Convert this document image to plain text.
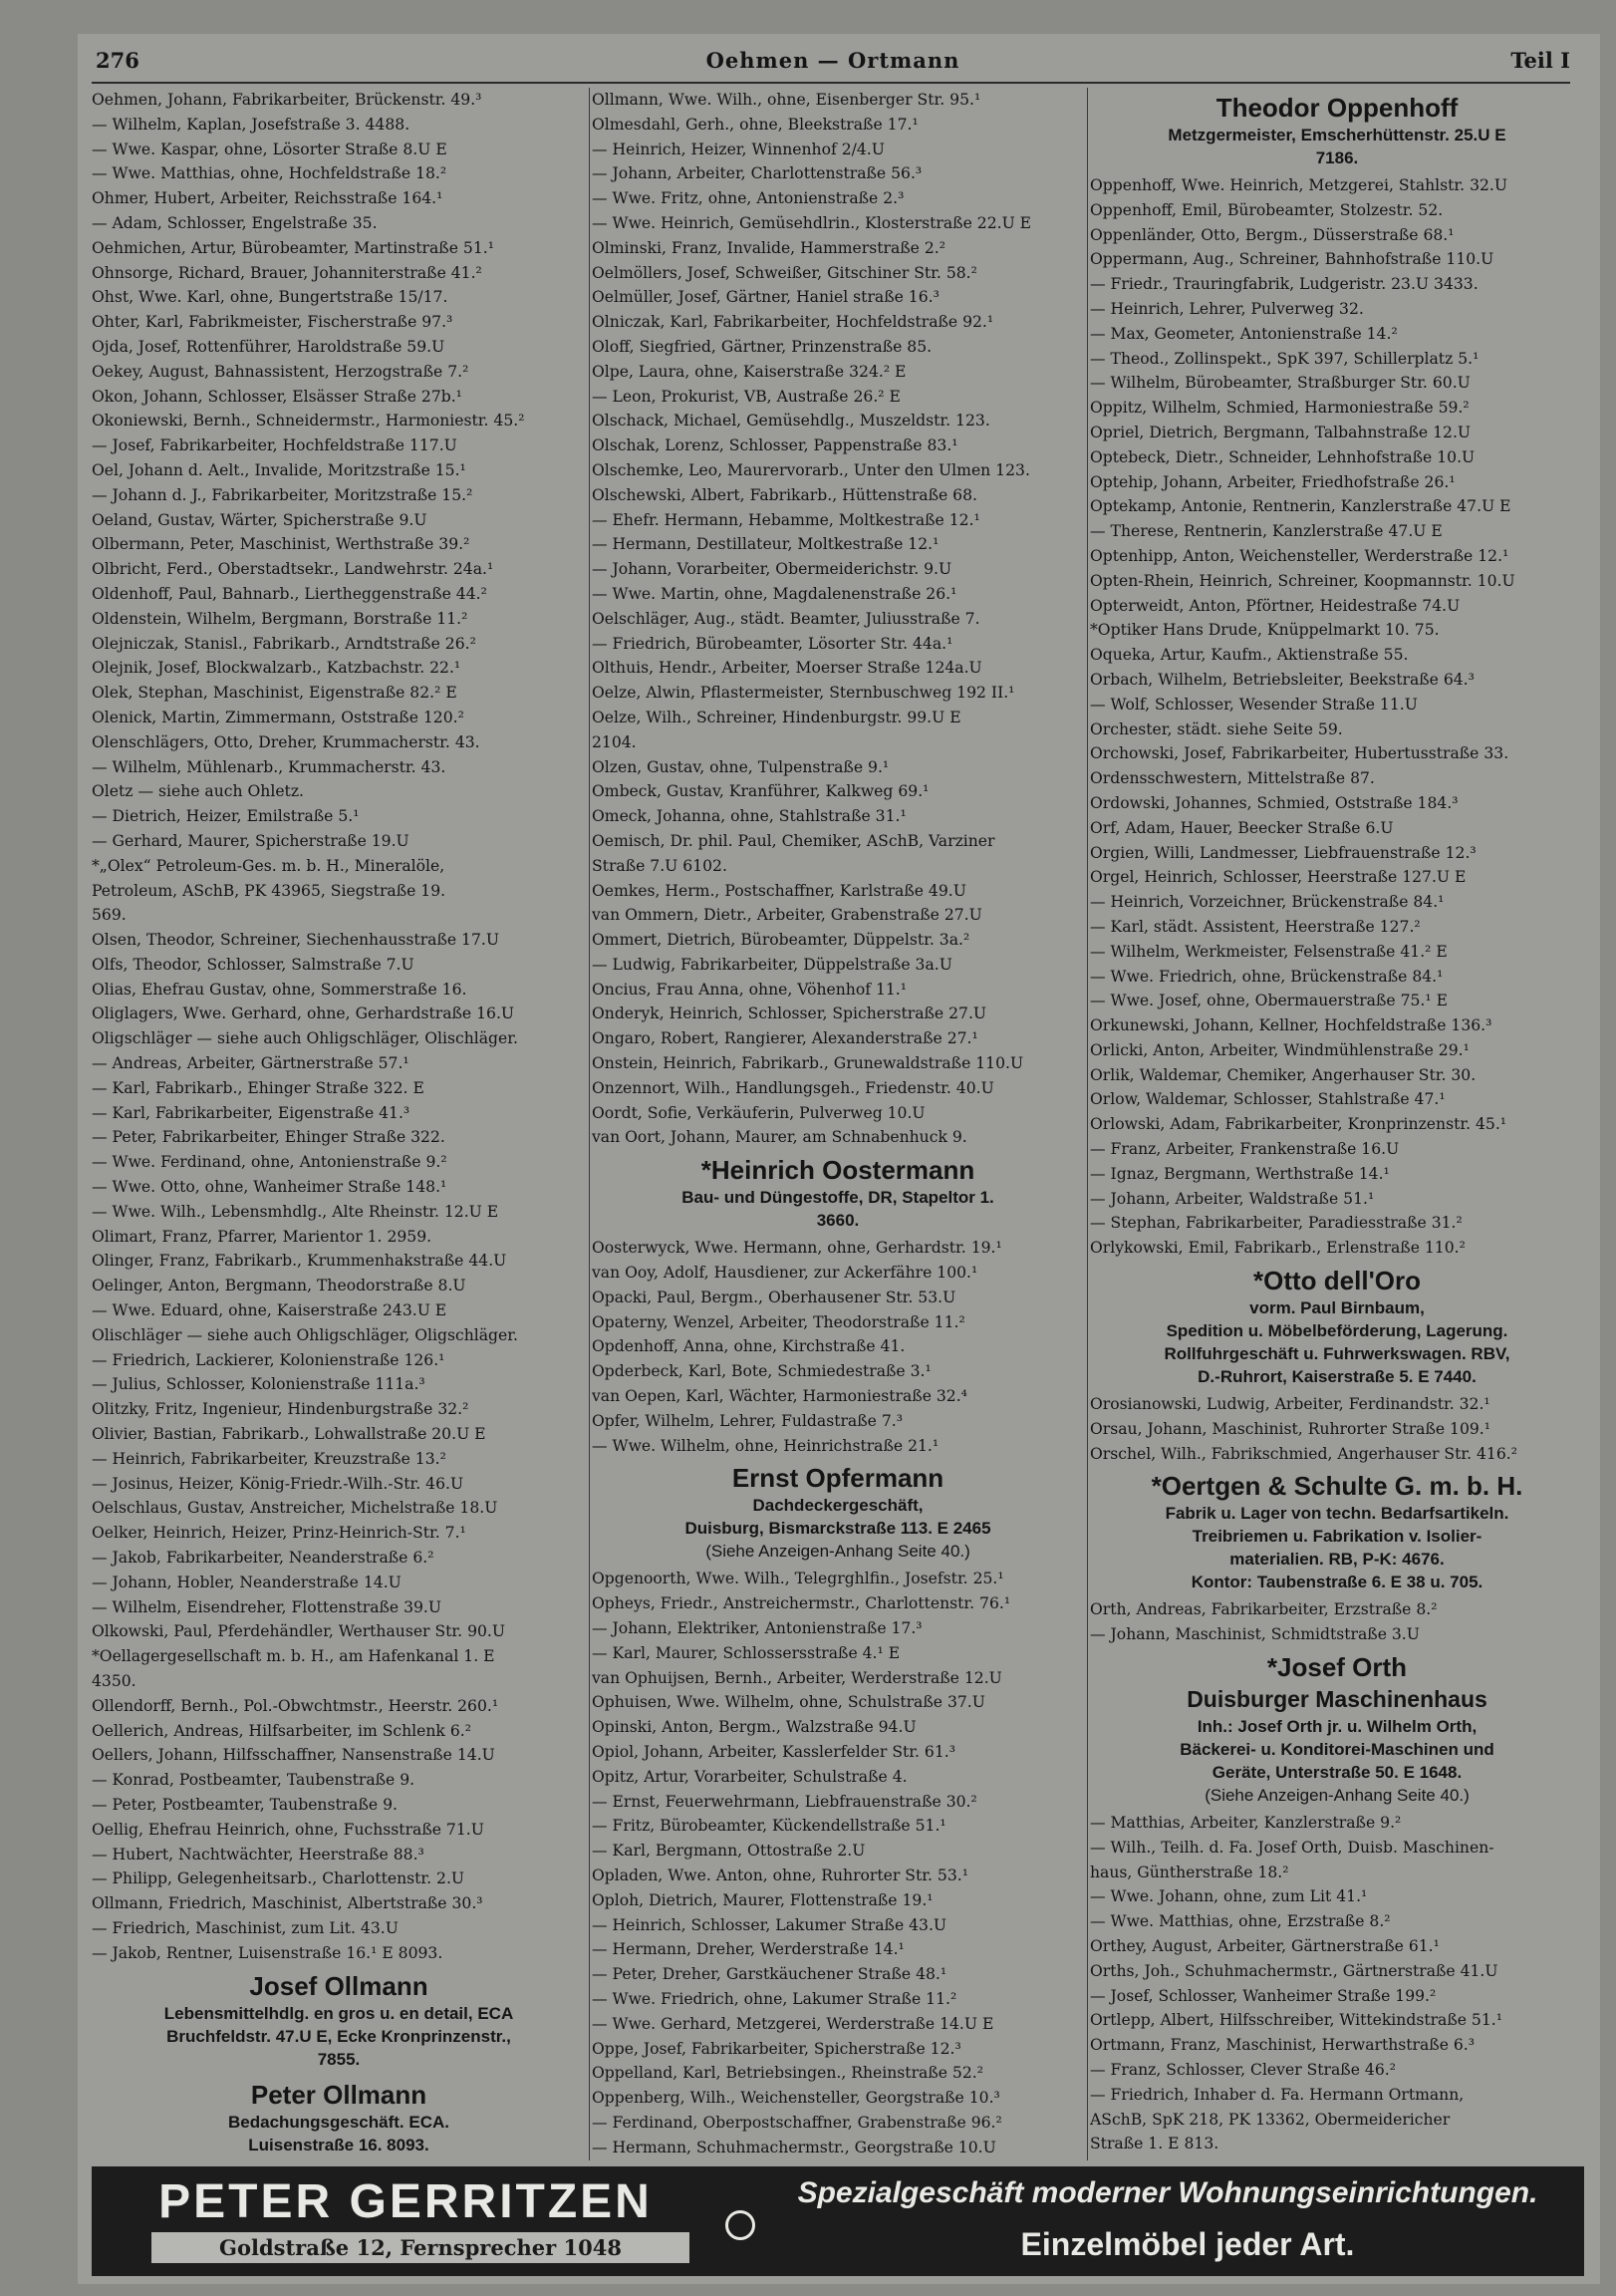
276	Oehmen — Ortmann	Teil I
Oehmen, Johann, Fabrikarbeiter, Brückenstr. 49.³
— Wilhelm, Kaplan, Josefstraße 3. 4488.
— Wwe. Kaspar, ohne, Lösorter Straße 8.U E
— Wwe. Matthias, ohne, Hochfeldstraße 18.²
Ohmer, Hubert, Arbeiter, Reichsstraße 164.¹
— Adam, Schlosser, Engelstraße 35.
Oehmichen, Artur, Bürobeamter, Martinstraße 51.¹
Ohnsorge, Richard, Brauer, Johanniterstraße 41.²
Ohst, Wwe. Karl, ohne, Bungertstraße 15/17.
Ohter, Karl, Fabrikmeister, Fischerstraße 97.³
Ojda, Josef, Rottenführer, Haroldstraße 59.U
Oekey, August, Bahnassistent, Herzogstraße 7.²
Okon, Johann, Schlosser, Elsässer Straße 27b.¹
Okoniewski, Bernh., Schneidermstr., Harmoniestr. 45.²
— Josef, Fabrikarbeiter, Hochfeldstraße 117.U
Oel, Johann d. Aelt., Invalide, Moritzstraße 15.¹
— Johann d. J., Fabrikarbeiter, Moritzstraße 15.²
Oeland, Gustav, Wärter, Spicherstraße 9.U
Olbermann, Peter, Maschinist, Werthstraße 39.²
Olbricht, Ferd., Oberstadtsekr., Landwehrstr. 24a.¹
Oldenhoff, Paul, Bahnarb., Liertheggenstraße 44.²
Oldenstein, Wilhelm, Bergmann, Borstraße 11.²
Olejniczak, Stanisl., Fabrikarb., Arndtstraße 26.²
Olejnik, Josef, Blockwalzarb., Katzbachstr. 22.¹
Olek, Stephan, Maschinist, Eigenstraße 82.² E
Olenick, Martin, Zimmermann, Oststraße 120.²
Olenschlägers, Otto, Dreher, Krummacherstr. 43.
— Wilhelm, Mühlenarb., Krummacherstr. 43.
Oletz — siehe auch Ohletz.
— Dietrich, Heizer, Emilstraße 5.¹
— Gerhard, Maurer, Spicherstraße 19.U
*„Olex“ Petroleum-Ges. m. b. H., Mineralöle,
Petroleum, ASchB, PK 43965, Siegstraße 19.
569.
Olsen, Theodor, Schreiner, Siechenhausstraße 17.U
Olfs, Theodor, Schlosser, Salmstraße 7.U
Olias, Ehefrau Gustav, ohne, Sommerstraße 16.
Oliglagers, Wwe. Gerhard, ohne, Gerhardstraße 16.U
Oligschläger — siehe auch Ohligschläger, Olischläger.
— Andreas, Arbeiter, Gärtnerstraße 57.¹
— Karl, Fabrikarb., Ehinger Straße 322. E
— Karl, Fabrikarbeiter, Eigenstraße 41.³
— Peter, Fabrikarbeiter, Ehinger Straße 322.
— Wwe. Ferdinand, ohne, Antonienstraße 9.²
— Wwe. Otto, ohne, Wanheimer Straße 148.¹
— Wwe. Wilh., Lebensmhdlg., Alte Rheinstr. 12.U E
Olimart, Franz, Pfarrer, Marientor 1. 2959.
Olinger, Franz, Fabrikarb., Krummenhakstraße 44.U
Oelinger, Anton, Bergmann, Theodorstraße 8.U
— Wwe. Eduard, ohne, Kaiserstraße 243.U E
Olischläger — siehe auch Ohligschläger, Oligschläger.
— Friedrich, Lackierer, Kolonienstraße 126.¹
— Julius, Schlosser, Kolonienstraße 111a.³
Olitzky, Fritz, Ingenieur, Hindenburgstraße 32.²
Olivier, Bastian, Fabrikarb., Lohwallstraße 20.U E
— Heinrich, Fabrikarbeiter, Kreuzstraße 13.²
— Josinus, Heizer, König-Friedr.-Wilh.-Str. 46.U
Oelschlaus, Gustav, Anstreicher, Michelstraße 18.U
Oelker, Heinrich, Heizer, Prinz-Heinrich-Str. 7.¹
— Jakob, Fabrikarbeiter, Neanderstraße 6.²
— Johann, Hobler, Neanderstraße 14.U
— Wilhelm, Eisendreher, Flottenstraße 39.U
Olkowski, Paul, Pferdehändler, Werthauser Str. 90.U
*Oellagergesellschaft m. b. H., am Hafenkanal 1. E
4350.
Ollendorff, Bernh., Pol.-Obwchtmstr., Heerstr. 260.¹
Oellerich, Andreas, Hilfsarbeiter, im Schlenk 6.²
Oellers, Johann, Hilfsschaffner, Nansenstraße 14.U
— Konrad, Postbeamter, Taubenstraße 9.
— Peter, Postbeamter, Taubenstraße 9.
Oellig, Ehefrau Heinrich, ohne, Fuchsstraße 71.U
— Hubert, Nachtwächter, Heerstraße 88.³
— Philipp, Gelegenheitsarb., Charlottenstr. 2.U
Ollmann, Friedrich, Maschinist, Albertstraße 30.³
— Friedrich, Maschinist, zum Lit. 43.U
— Jakob, Rentner, Luisenstraße 16.¹ E 8093.
Josef Ollmann
Lebensmittelhdlg. en gros u. en detail, ECA
Bruchfeldstr. 47.U E, Ecke Kronprinzenstr.,
7855.
Peter Ollmann
Bedachungsgeschäft. ECA.
Luisenstraße 16. 8093.
Ollmann, Wwe. Wilh., ohne, Eisenberger Str. 95.¹
Olmesdahl, Gerh., ohne, Bleekstraße 17.¹
— Heinrich, Heizer, Winnenhof 2/4.U
— Johann, Arbeiter, Charlottenstraße 56.³
— Wwe. Fritz, ohne, Antonienstraße 2.³
— Wwe. Heinrich, Gemüsehdlrin., Klosterstraße 22.U E
Olminski, Franz, Invalide, Hammerstraße 2.²
Oelmöllers, Josef, Schweißer, Gitschiner Str. 58.²
Oelmüller, Josef, Gärtner, Haniel straße 16.³
Olniczak, Karl, Fabrikarbeiter, Hochfeldstraße 92.¹
Oloff, Siegfried, Gärtner, Prinzenstraße 85.
Olpe, Laura, ohne, Kaiserstraße 324.² E
— Leon, Prokurist, VB, Austraße 26.² E
Olschack, Michael, Gemüsehdlg., Muszeldstr. 123.
Olschak, Lorenz, Schlosser, Pappenstraße 83.¹
Olschemke, Leo, Maurervorarb., Unter den Ulmen 123.
Olschewski, Albert, Fabrikarb., Hüttenstraße 68.
— Ehefr. Hermann, Hebamme, Moltkestraße 12.¹
— Hermann, Destillateur, Moltkestraße 12.¹
— Johann, Vorarbeiter, Obermeiderichstr. 9.U
— Wwe. Martin, ohne, Magdalenenstraße 26.¹
Oelschläger, Aug., städt. Beamter, Juliusstraße 7.
— Friedrich, Bürobeamter, Lösorter Str. 44a.¹
Olthuis, Hendr., Arbeiter, Moerser Straße 124a.U
Oelze, Alwin, Pflastermeister, Sternbuschweg 192 II.¹
Oelze, Wilh., Schreiner, Hindenburgstr. 99.U E
2104.
Olzen, Gustav, ohne, Tulpenstraße 9.¹
Ombeck, Gustav, Kranführer, Kalkweg 69.¹
Omeck, Johanna, ohne, Stahlstraße 31.¹
Oemisch, Dr. phil. Paul, Chemiker, ASchB, Varziner
Straße 7.U 6102.
Oemkes, Herm., Postschaffner, Karlstraße 49.U
van Ommern, Dietr., Arbeiter, Grabenstraße 27.U
Ommert, Dietrich, Bürobeamter, Düppelstr. 3a.²
— Ludwig, Fabrikarbeiter, Düppelstraße 3a.U
Oncius, Frau Anna, ohne, Vöhenhof 11.¹
Onderyk, Heinrich, Schlosser, Spicherstraße 27.U
Ongaro, Robert, Rangierer, Alexanderstraße 27.¹
Onstein, Heinrich, Fabrikarb., Grunewaldstraße 110.U
Onzennort, Wilh., Handlungsgeh., Friedenstr. 40.U
Oordt, Sofie, Verkäuferin, Pulverweg 10.U
van Oort, Johann, Maurer, am Schnabenhuck 9.
*Heinrich Oostermann
Bau- und Düngestoffe, DR, Stapeltor 1.
3660.
Oosterwyck, Wwe. Hermann, ohne, Gerhardstr. 19.¹
van Ooy, Adolf, Hausdiener, zur Ackerfähre 100.¹
Opacki, Paul, Bergm., Oberhausener Str. 53.U
Opaterny, Wenzel, Arbeiter, Theodorstraße 11.²
Opdenhoff, Anna, ohne, Kirchstraße 41.
Opderbeck, Karl, Bote, Schmiedestraße 3.¹
van Oepen, Karl, Wächter, Harmoniestraße 32.⁴
Opfer, Wilhelm, Lehrer, Fuldastraße 7.³
— Wwe. Wilhelm, ohne, Heinrichstraße 21.¹
Ernst Opfermann
Dachdeckergeschäft,
Duisburg, Bismarckstraße 113. E 2465
(Siehe Anzeigen-Anhang Seite 40.)
Opgenoorth, Wwe. Wilh., Telegrghlfin., Josefstr. 25.¹
Opheys, Friedr., Anstreichermstr., Charlottenstr. 76.¹
— Johann, Elektriker, Antonienstraße 17.³
— Karl, Maurer, Schlossersstraße 4.¹ E
van Ophuijsen, Bernh., Arbeiter, Werderstraße 12.U
Ophuisen, Wwe. Wilhelm, ohne, Schulstraße 37.U
Opinski, Anton, Bergm., Walzstraße 94.U
Opiol, Johann, Arbeiter, Kasslerfelder Str. 61.³
Opitz, Artur, Vorarbeiter, Schulstraße 4.
— Ernst, Feuerwehrmann, Liebfrauenstraße 30.²
— Fritz, Bürobeamter, Kückendellstraße 51.¹
— Karl, Bergmann, Ottostraße 2.U
Opladen, Wwe. Anton, ohne, Ruhrorter Str. 53.¹
Oploh, Dietrich, Maurer, Flottenstraße 19.¹
— Heinrich, Schlosser, Lakumer Straße 43.U
— Hermann, Dreher, Werderstraße 14.¹
— Peter, Dreher, Garstkäuchener Straße 48.¹
— Wwe. Friedrich, ohne, Lakumer Straße 11.²
— Wwe. Gerhard, Metzgerei, Werderstraße 14.U E
Oppe, Josef, Fabrikarbeiter, Spicherstraße 12.³
Oppelland, Karl, Betriebsingen., Rheinstraße 52.²
Oppenberg, Wilh., Weichensteller, Georgstraße 10.³
— Ferdinand, Oberpostschaffner, Grabenstraße 96.²
— Hermann, Schuhmachermstr., Georgstraße 10.U
Theodor Oppenhoff
Metzgermeister, Emscherhüttenstr. 25.U E
7186.
Oppenhoff, Wwe. Heinrich, Metzgerei, Stahlstr. 32.U
Oppenhoff, Emil, Bürobeamter, Stolzestr. 52.
Oppenländer, Otto, Bergm., Düsserstraße 68.¹
Oppermann, Aug., Schreiner, Bahnhofstraße 110.U
— Friedr., Trauringfabrik, Ludgeristr. 23.U 3433.
— Heinrich, Lehrer, Pulverweg 32.
— Max, Geometer, Antonienstraße 14.²
— Theod., Zollinspekt., SpK 397, Schillerplatz 5.¹
— Wilhelm, Bürobeamter, Straßburger Str. 60.U
Oppitz, Wilhelm, Schmied, Harmoniestraße 59.²
Opriel, Dietrich, Bergmann, Talbahnstraße 12.U
Optebeck, Dietr., Schneider, Lehnhofstraße 10.U
Optehip, Johann, Arbeiter, Friedhofstraße 26.¹
Optekamp, Antonie, Rentnerin, Kanzlerstraße 47.U E
— Therese, Rentnerin, Kanzlerstraße 47.U E
Optenhipp, Anton, Weichensteller, Werderstraße 12.¹
Opten-Rhein, Heinrich, Schreiner, Koopmannstr. 10.U
Opterweidt, Anton, Pförtner, Heidestraße 74.U
*Optiker Hans Drude, Knüppelmarkt 10. 75.
Oqueka, Artur, Kaufm., Aktienstraße 55.
Orbach, Wilhelm, Betriebsleiter, Beekstraße 64.³
— Wolf, Schlosser, Wesender Straße 11.U
Orchester, städt. siehe Seite 59.
Orchowski, Josef, Fabrikarbeiter, Hubertusstraße 33.
Ordensschwestern, Mittelstraße 87.
Ordowski, Johannes, Schmied, Oststraße 184.³
Orf, Adam, Hauer, Beecker Straße 6.U
Orgien, Willi, Landmesser, Liebfrauenstraße 12.³
Orgel, Heinrich, Schlosser, Heerstraße 127.U E
— Heinrich, Vorzeichner, Brückenstraße 84.¹
— Karl, städt. Assistent, Heerstraße 127.²
— Wilhelm, Werkmeister, Felsenstraße 41.² E
— Wwe. Friedrich, ohne, Brückenstraße 84.¹
— Wwe. Josef, ohne, Obermauerstraße 75.¹ E
Orkunewski, Johann, Kellner, Hochfeldstraße 136.³
Orlicki, Anton, Arbeiter, Windmühlenstraße 29.¹
Orlik, Waldemar, Chemiker, Angerhauser Str. 30.
Orlow, Waldemar, Schlosser, Stahlstraße 47.¹
Orlowski, Adam, Fabrikarbeiter, Kronprinzenstr. 45.¹
— Franz, Arbeiter, Frankenstraße 16.U
— Ignaz, Bergmann, Werthstraße 14.¹
— Johann, Arbeiter, Waldstraße 51.¹
— Stephan, Fabrikarbeiter, Paradiesstraße 31.²
Orlykowski, Emil, Fabrikarb., Erlenstraße 110.²
*Otto dell'Oro
vorm. Paul Birnbaum,
Spedition u. Möbelbeförderung, Lagerung.
Rollfuhrgeschäft u. Fuhrwerkswagen. RBV,
D.-Ruhrort, Kaiserstraße 5. E 7440.
Orosianowski, Ludwig, Arbeiter, Ferdinandstr. 32.¹
Orsau, Johann, Maschinist, Ruhrorter Straße 109.¹
Orschel, Wilh., Fabrikschmied, Angerhauser Str. 416.²
*Oertgen & Schulte G. m. b. H.
Fabrik u. Lager von techn. Bedarfsartikeln.
Treibriemen u. Fabrikation v. Isolier-
materialien. RB, P-K: 4676.
Kontor: Taubenstraße 6. E 38 u. 705.
Orth, Andreas, Fabrikarbeiter, Erzstraße 8.²
— Johann, Maschinist, Schmidtstraße 3.U
*Josef Orth
Duisburger Maschinenhaus
Inh.: Josef Orth jr. u. Wilhelm Orth,
Bäckerei- u. Konditorei-Maschinen und
Geräte, Unterstraße 50. E 1648.
(Siehe Anzeigen-Anhang Seite 40.)
— Matthias, Arbeiter, Kanzlerstraße 9.²
— Wilh., Teilh. d. Fa. Josef Orth, Duisb. Maschinen-
haus, Güntherstraße 18.²
— Wwe. Johann, ohne, zum Lit 41.¹
— Wwe. Matthias, ohne, Erzstraße 8.²
Orthey, August, Arbeiter, Gärtnerstraße 61.¹
Orths, Joh., Schuhmachermstr., Gärtnerstraße 41.U
— Josef, Schlosser, Wanheimer Straße 199.²
Ortlepp, Albert, Hilfsschreiber, Wittekindstraße 51.¹
Ortmann, Franz, Maschinist, Herwarthstraße 6.³
— Franz, Schlosser, Clever Straße 46.²
— Friedrich, Inhaber d. Fa. Hermann Ortmann,
ASchB, SpK 218, PK 13362, Obermeidericher
Straße 1. E 813.
PETER GERRITZEN	Spezialgeschäft moderner Wohnungseinrichtungen.
Goldstraße 12, Fernsprecher 1048	Einzelmöbel jeder Art.
